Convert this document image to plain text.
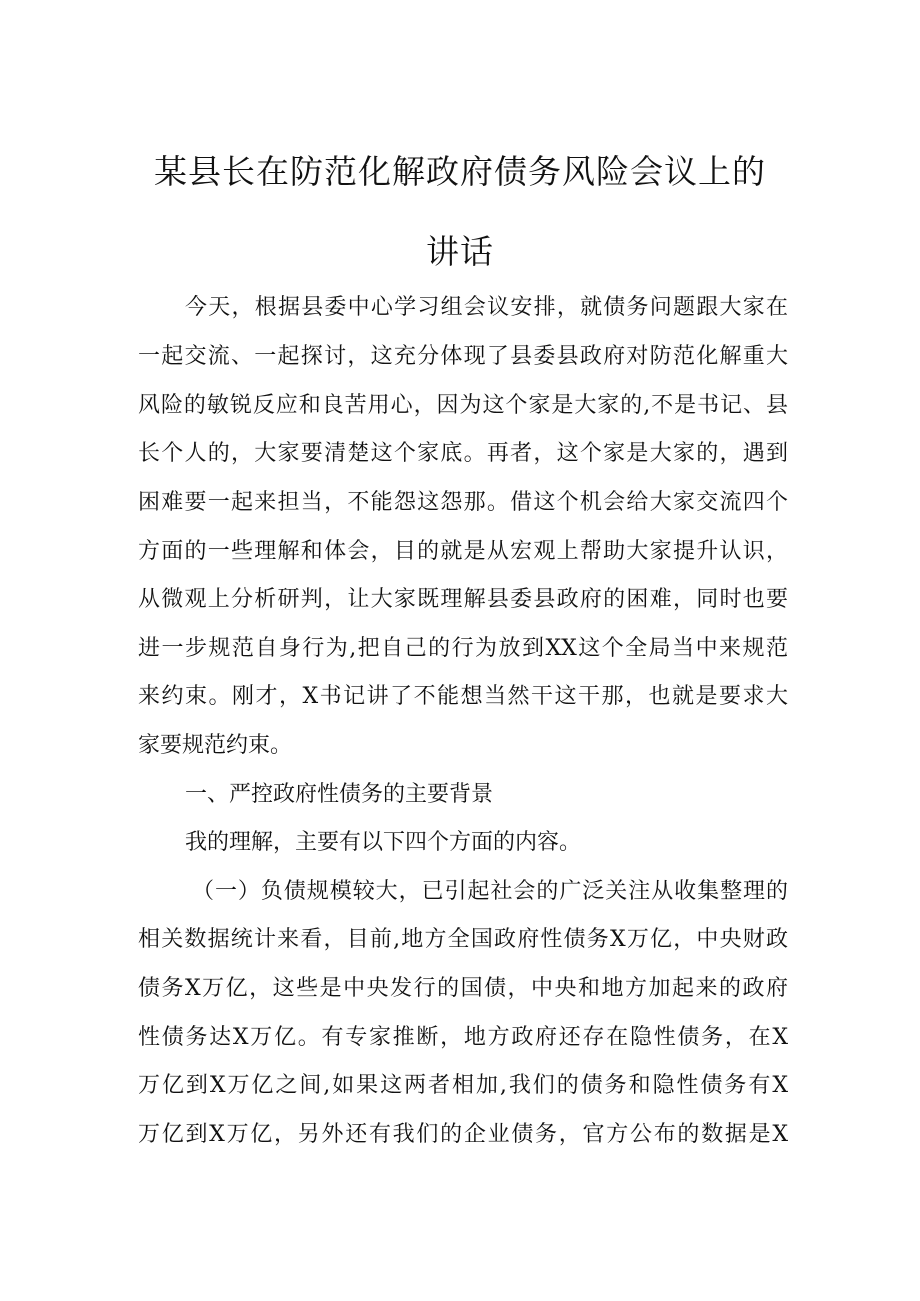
某县长在防范化解政府债务风险会议上的
讲话

今天，根据县委中心学习组会议安排，就债务问题跟大家在

一起交流、一起探讨，这充分体现了县委县政府对防范化解重大

风险的敏锐反应和良苦用心，因为这个家是大家的,不是书记、县

长个人的，大家要清楚这个家底。再者，这个家是大家的，遇到

困难要一起来担当，不能怨这怨那。借这个机会给大家交流四个

方面的一些理解和体会，目的就是从宏观上帮助大家提升认识，

从微观上分析研判，让大家既理解县委县政府的困难，同时也要

进一步规范自身行为,把自己的行为放到XX这个全局当中来规范

来约束。刚才，X书记讲了不能想当然干这干那，也就是要求大

家要规范约束。

一、严控政府性债务的主要背景

我的理解，主要有以下四个方面的内容。

（一）负债规模较大，已引起社会的广泛关注从收集整理的

相关数据统计来看，目前,地方全国政府性债务X万亿，中央财政

债务X万亿，这些是中央发行的国债，中央和地方加起来的政府

性债务达X万亿。有专家推断，地方政府还存在隐性债务，在X

万亿到X万亿之间,如果这两者相加,我们的债务和隐性债务有X

万亿到X万亿，另外还有我们的企业债务，官方公布的数据是X
